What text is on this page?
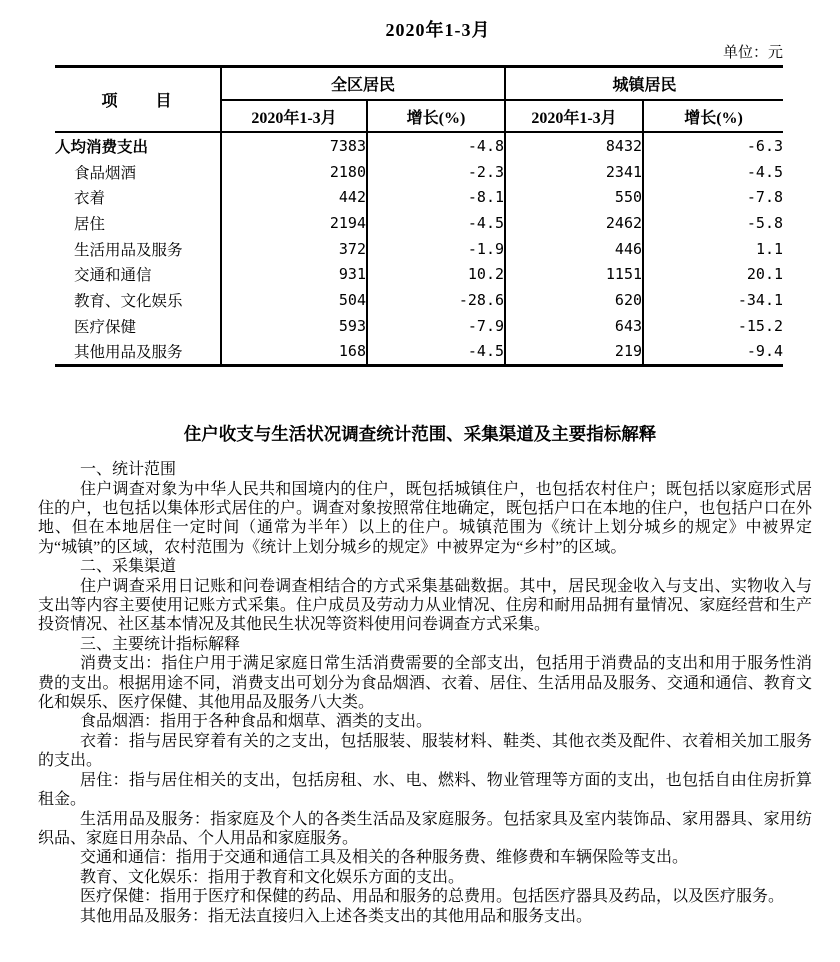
2020年1-3月
单位：元
项　　目	全区居民		城镇居民	
	2020年1-3月	增长(%)	2020年1-3月	增长(%)
人均消费支出	7383	-4.8	8432	-6.3
食品烟酒	2180	-2.3	2341	-4.5
衣着	442	-8.1	550	-7.8
居住	2194	-4.5	2462	-5.8
生活用品及服务	372	-1.9	446	1.1
交通和通信	931	10.2	1151	20.1
教育、文化娱乐	504	-28.6	620	-34.1
医疗保健	593	-7.9	643	-15.2
其他用品及服务	168	-4.5	219	-9.4
住户收支与生活状况调查统计范围、采集渠道及主要指标解释

一、统计范围

住户调查对象为中华人民共和国境内的住户，既包括城镇住户，也包括农村住户；既包括以家庭形式居住的户，也包括以集体形式居住的户。调查对象按照常住地确定，既包括户口在本地的住户，也包括户口在外地、但在本地居住一定时间（通常为半年）以上的住户。城镇范围为《统计上划分城乡的规定》中被界定为“城镇”的区域，农村范围为《统计上划分城乡的规定》中被界定为“乡村”的区域。

二、采集渠道

住户调查采用日记账和问卷调查相结合的方式采集基础数据。其中，居民现金收入与支出、实物收入与支出等内容主要使用记账方式采集。住户成员及劳动力从业情况、住房和耐用品拥有量情况、家庭经营和生产投资情况、社区基本情况及其他民生状况等资料使用问卷调查方式采集。

三、主要统计指标解释

消费支出：指住户用于满足家庭日常生活消费需要的全部支出，包括用于消费品的支出和用于服务性消费的支出。根据用途不同，消费支出可划分为食品烟酒、衣着、居住、生活用品及服务、交通和通信、教育文化和娱乐、医疗保健、其他用品及服务八大类。

食品烟酒：指用于各种食品和烟草、酒类的支出。

衣着：指与居民穿着有关的之支出，包括服装、服装材料、鞋类、其他衣类及配件、衣着相关加工服务的支出。

居住：指与居住相关的支出，包括房租、水、电、燃料、物业管理等方面的支出，也包括自由住房折算租金。

生活用品及服务：指家庭及个人的各类生活品及家庭服务。包括家具及室内装饰品、家用器具、家用纺织品、家庭日用杂品、个人用品和家庭服务。

交通和通信：指用于交通和通信工具及相关的各种服务费、维修费和车辆保险等支出。

教育、文化娱乐：指用于教育和文化娱乐方面的支出。

医疗保健：指用于医疗和保健的药品、用品和服务的总费用。包括医疗器具及药品，以及医疗服务。

其他用品及服务：指无法直接归入上述各类支出的其他用品和服务支出。
